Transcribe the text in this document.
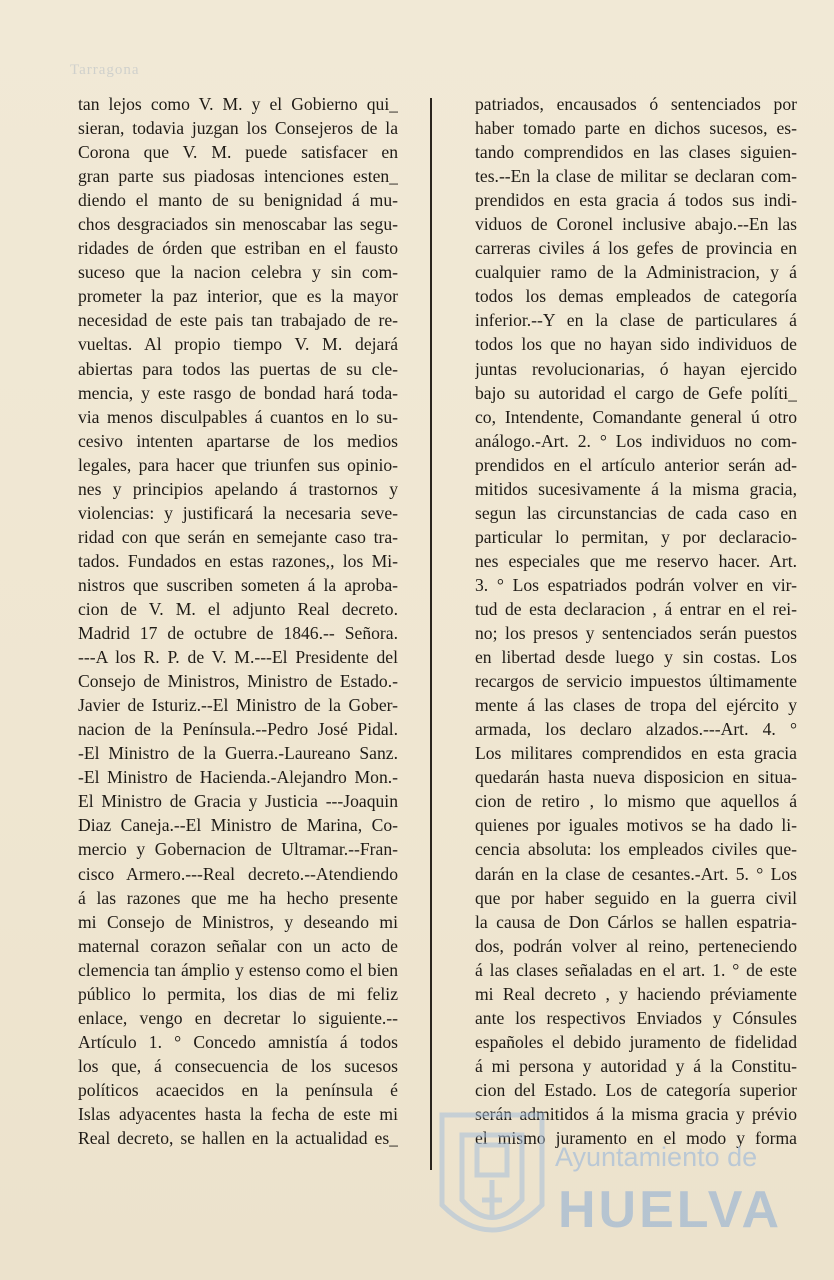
Tarragona
tan lejos como V. M. y el Gobierno qui_
sieran, todavia juzgan los Consejeros de la
Corona que V. M. puede satisfacer en
gran parte sus piadosas intenciones esten_
diendo el manto de su benignidad á mu-
chos desgraciados sin menoscabar las segu-
ridades de órden que estriban en el fausto
suceso que la nacion celebra y sin com-
prometer la paz interior, que es la mayor
necesidad de este pais tan trabajado de re-
vueltas. Al propio tiempo V. M. dejará
abiertas para todos las puertas de su cle-
mencia, y este rasgo de bondad hará toda-
via menos disculpables á cuantos en lo su-
cesivo intenten apartarse de los medios
legales, para hacer que triunfen sus opinio-
nes y principios apelando á trastornos y
violencias: y justificará la necesaria seve-
ridad con que serán en semejante caso tra-
tados. Fundados en estas razones,, los Mi-
nistros que suscriben someten á la aproba-
cion de V. M. el adjunto Real decreto.
Madrid 17 de octubre de 1846.-- Señora.
---A los R. P. de V. M.---El Presidente del
Consejo de Ministros, Ministro de Estado.-
Javier de Isturiz.--El Ministro de la Gober-
nacion de la Península.--Pedro José Pidal.
-El Ministro de la Guerra.-Laureano Sanz.
-El Ministro de Hacienda.-Alejandro Mon.-
El Ministro de Gracia y Justicia ---Joaquin
Diaz Caneja.--El Ministro de Marina, Co-
mercio y Gobernacion de Ultramar.--Fran-
cisco Armero.---Real decreto.--Atendiendo
á las razones que me ha hecho presente
mi Consejo de Ministros, y deseando mi
maternal corazon señalar con un acto de
clemencia tan ámplio y estenso como el bien
público lo permita, los dias de mi feliz
enlace, vengo en decretar lo siguiente.--
Artículo 1. ° Concedo amnistía á todos
los que, á consecuencia de los sucesos
políticos acaecidos en la península é
Islas adyacentes hasta la fecha de este mi
Real decreto, se hallen en la actualidad es_
patriados, encausados ó sentenciados por
haber tomado parte en dichos sucesos, es-
tando comprendidos en las clases siguien-
tes.--En la clase de militar se declaran com-
prendidos en esta gracia á todos sus indi-
viduos de Coronel inclusive abajo.--En las
carreras civiles á los gefes de provincia en
cualquier ramo de la Administracion, y á
todos los demas empleados de categoría
inferior.--Y en la clase de particulares á
todos los que no hayan sido individuos de
juntas revolucionarias, ó hayan ejercido
bajo su autoridad el cargo de Gefe políti_
co, Intendente, Comandante general ú otro
análogo.-Art. 2. ° Los individuos no com-
prendidos en el artículo anterior serán ad-
mitidos sucesivamente á la misma gracia,
segun las circunstancias de cada caso en
particular lo permitan, y por declaracio-
nes especiales que me reservo hacer. Art.
3. ° Los espatriados podrán volver en vir-
tud de esta declaracion , á entrar en el rei-
no; los presos y sentenciados serán puestos
en libertad desde luego y sin costas. Los
recargos de servicio impuestos últimamente
mente á las clases de tropa del ejército y
armada, los declaro alzados.---Art. 4. °
Los militares comprendidos en esta gracia
quedarán hasta nueva disposicion en situa-
cion de retiro , lo mismo que aquellos á
quienes por iguales motivos se ha dado li-
cencia absoluta: los empleados civiles que-
darán en la clase de cesantes.-Art. 5. ° Los
que por haber seguido en la guerra civil
la causa de Don Cárlos se hallen espatria-
dos, podrán volver al reino, perteneciendo
á las clases señaladas en el art. 1. ° de este
mi Real decreto , y haciendo préviamente
ante los respectivos Enviados y Cónsules
españoles el debido juramento de fidelidad
á mi persona y autoridad y á la Constitu-
cion del Estado. Los de categoría superior
serán admitidos á la misma gracia y prévio
el mismo juramento en el modo y forma
Ayuntamiento de
HUELVA
